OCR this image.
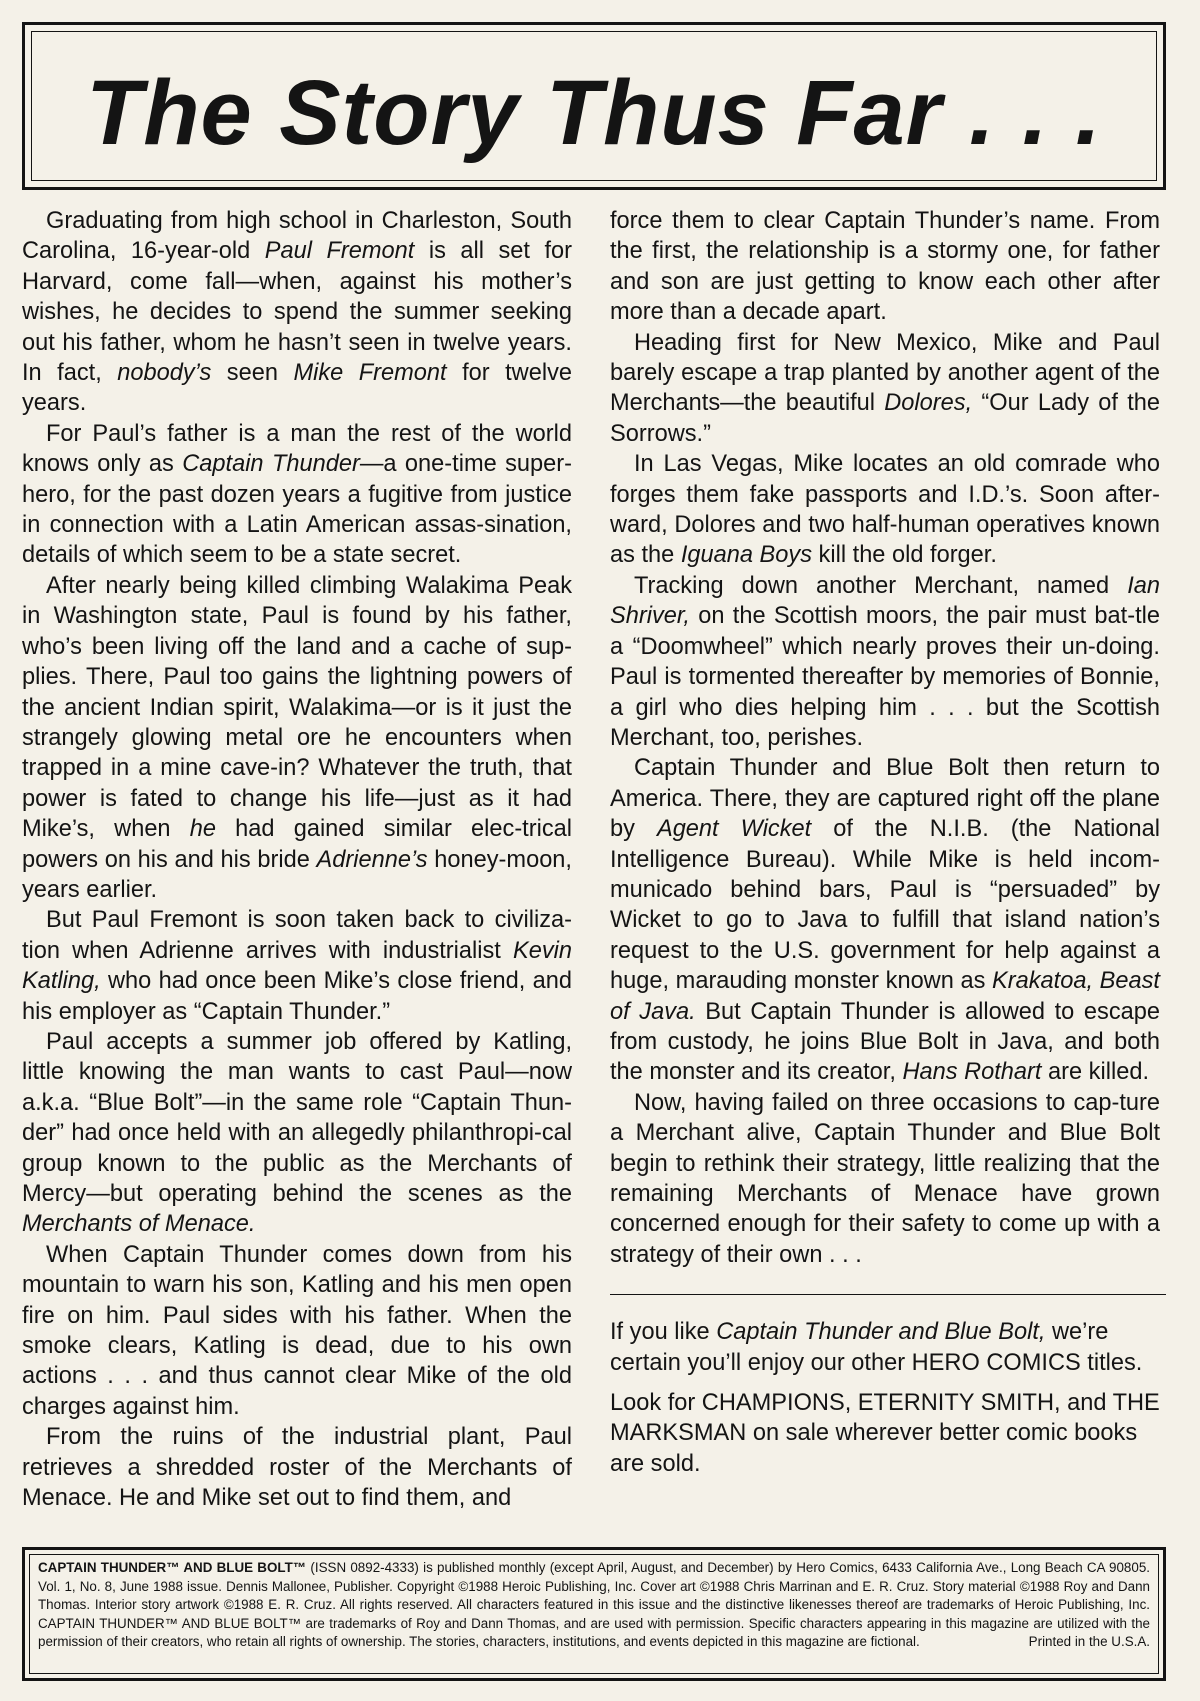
The Story Thus Far . . .

Graduating from high school in Charleston, South Carolina, 16-year-old Paul Fremont is all set for Harvard, come fall—when, against his mother’s wishes, he decides to spend the summer seeking out his father, whom he hasn’t seen in twelve years. In fact, nobody’s seen Mike Fremont for twelve years.

For Paul’s father is a man the rest of the world knows only as Captain Thunder—a one-time super-hero, for the past dozen years a fugitive from justice in connection with a Latin American assas-sination, details of which seem to be a state secret.

After nearly being killed climbing Walakima Peak in Washington state, Paul is found by his father, who’s been living off the land and a cache of sup-plies. There, Paul too gains the lightning powers of the ancient Indian spirit, Walakima—or is it just the strangely glowing metal ore he encounters when trapped in a mine cave-in? Whatever the truth, that power is fated to change his life—just as it had Mike’s, when he had gained similar elec-trical powers on his and his bride Adrienne’s honey-moon, years earlier.

But Paul Fremont is soon taken back to civiliza-tion when Adrienne arrives with industrialist Kevin Katling, who had once been Mike’s close friend, and his employer as “Captain Thunder.”

Paul accepts a summer job offered by Katling, little knowing the man wants to cast Paul—now a.k.a. “Blue Bolt”—in the same role “Captain Thun-der” had once held with an allegedly philanthropi-cal group known to the public as the Merchants of Mercy—but operating behind the scenes as the Merchants of Menace.

When Captain Thunder comes down from his mountain to warn his son, Katling and his men open fire on him. Paul sides with his father. When the smoke clears, Katling is dead, due to his own actions . . . and thus cannot clear Mike of the old charges against him.

From the ruins of the industrial plant, Paul retrieves a shredded roster of the Merchants of Menace. He and Mike set out to find them, and

force them to clear Captain Thunder’s name. From the first, the relationship is a stormy one, for father and son are just getting to know each other after more than a decade apart.

Heading first for New Mexico, Mike and Paul barely escape a trap planted by another agent of the Merchants—the beautiful Dolores, “Our Lady of the Sorrows.”

In Las Vegas, Mike locates an old comrade who forges them fake passports and I.D.’s. Soon after-ward, Dolores and two half-human operatives known as the Iguana Boys kill the old forger.

Tracking down another Merchant, named Ian Shriver, on the Scottish moors, the pair must bat-tle a “Doomwheel” which nearly proves their un-doing. Paul is tormented thereafter by memories of Bonnie, a girl who dies helping him . . . but the Scottish Merchant, too, perishes.

Captain Thunder and Blue Bolt then return to America. There, they are captured right off the plane by Agent Wicket of the N.I.B. (the National Intelligence Bureau). While Mike is held incom-municado behind bars, Paul is “persuaded” by Wicket to go to Java to fulfill that island nation’s request to the U.S. government for help against a huge, marauding monster known as Krakatoa, Beast of Java. But Captain Thunder is allowed to escape from custody, he joins Blue Bolt in Java, and both the monster and its creator, Hans Rothart are killed.

Now, having failed on three occasions to cap-ture a Merchant alive, Captain Thunder and Blue Bolt begin to rethink their strategy, little realizing that the remaining Merchants of Menace have grown concerned enough for their safety to come up with a strategy of their own . . .

If you like Captain Thunder and Blue Bolt, we’re certain you’ll enjoy our other HERO COMICS titles.

Look for CHAMPIONS, ETERNITY SMITH, and THE MARKSMAN on sale wherever better comic books are sold.

CAPTAIN THUNDER™ AND BLUE BOLT™ (ISSN 0892-4333) is published monthly (except April, August, and December) by Hero Comics, 6433 California Ave., Long Beach CA 90805. Vol. 1, No. 8, June 1988 issue. Dennis Mallonee, Publisher. Copyright ©1988 Heroic Publishing, Inc. Cover art ©1988 Chris Marrinan and E. R. Cruz. Story material ©1988 Roy and Dann Thomas. Interior story artwork ©1988 E. R. Cruz. All rights reserved. All characters featured in this issue and the distinctive likenesses thereof are trademarks of Heroic Publishing, Inc. CAPTAIN THUNDER™ AND BLUE BOLT™ are trademarks of Roy and Dann Thomas, and are used with permission. Specific characters appearing in this magazine are utilized with the permission of their creators, who retain all rights of ownership. The stories, characters, institutions, and events depicted in this magazine are fictional.	Printed in the U.S.A.
